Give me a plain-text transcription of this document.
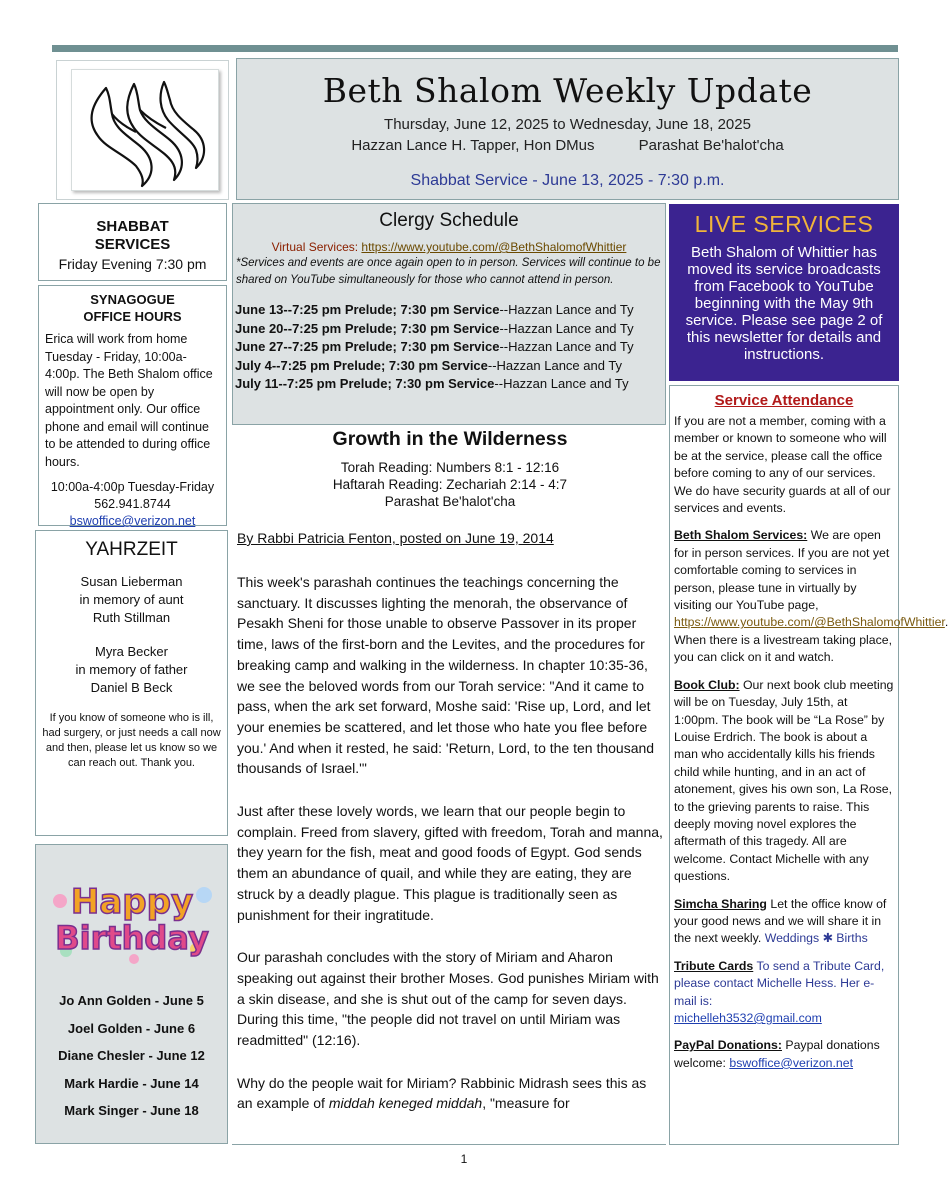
Beth Shalom Weekly Update
Thursday, June 12, 2025 to Wednesday, June 18, 2025
Hazzan Lance H. Tapper, Hon DMus	Parashat Be'halot'cha
Shabbat Service - June 13, 2025 - 7:30 p.m.
SHABBAT
SERVICES
Friday Evening 7:30 pm
SYNAGOGUE
OFFICE HOURS
Erica will work from home Tuesday - Friday, 10:00a-4:00p. The Beth Shalom office will now be open by appointment only. Our office phone and email will continue to be attended to during office hours.
10:00a-4:00p Tuesday-Friday
562.941.8744
bswoffice@verizon.net
YAHRZEIT
Susan Lieberman
in memory of aunt
Ruth Stillman
Myra Becker
in memory of father
Daniel B Beck
If you know of someone who is ill, had surgery, or just needs a call now and then, please let us know so we can reach out. Thank you.
Happy
Birthday
Jo Ann Golden - June 5
Joel Golden - June 6
Diane Chesler - June 12
Mark Hardie - June 14
Mark Singer - June 18
Clergy Schedule
Virtual Services: https://www.youtube.com/@BethShalomofWhittier
*Services and events are once again open to in person. Services will continue to be shared on YouTube simultaneously for those who cannot attend in person.
June 13--7:25 pm Prelude; 7:30 pm Service--Hazzan Lance and Ty
June 20--7:25 pm Prelude; 7:30 pm Service--Hazzan Lance and Ty
June 27--7:25 pm Prelude; 7:30 pm Service--Hazzan Lance and Ty
July 4--7:25 pm Prelude; 7:30 pm Service--Hazzan Lance and Ty
July 11--7:25 pm Prelude; 7:30 pm Service--Hazzan Lance and Ty
Growth in the Wilderness
Torah Reading: Numbers 8:1 - 12:16
Haftarah Reading: Zechariah 2:14 - 4:7
Parashat Be'halot'cha
By Rabbi Patricia Fenton, posted on June 19, 2014

This week's parashah continues the teachings concerning the sanctuary. It discusses lighting the menorah, the observance of Pesakh Sheni for those unable to observe Passover in its proper time, laws of the first-born and the Levites, and the procedures for breaking camp and walking in the wilderness. In chapter 10:35-36, we see the beloved words from our Torah service: "And it came to pass, when the ark set forward, Moshe said: 'Rise up, Lord, and let your enemies be scattered, and let those who hate you flee before you.' And when it rested, he said: 'Return, Lord, to the ten thousand thousands of Israel.'"

Just after these lovely words, we learn that our people begin to complain. Freed from slavery, gifted with freedom, Torah and manna, they yearn for the fish, meat and good foods of Egypt. God sends them an abundance of quail, and while they are eating, they are struck by a deadly plague. This plague is traditionally seen as punishment for their ingratitude.

Our parashah concludes with the story of Miriam and Aharon speaking out against their brother Moses. God punishes Miriam with a skin disease, and she is shut out of the camp for seven days. During this time, "the people did not travel on until Miriam was readmitted" (12:16).

Why do the people wait for Miriam? Rabbinic Midrash sees this as an example of middah keneged middah, "measure for

LIVE SERVICES
Beth Shalom of Whittier has moved its service broadcasts from Facebook to YouTube beginning with the May 9th service. Please see page 2 of this newsletter for details and instructions.
Service Attendance

If you are not a member, coming with a member or known to someone who will be at the service, please call the office before coming to any of our services. We do have security guards at all of our services and events.

Beth Shalom Services: We are open for in person services. If you are not yet comfortable coming to services in person, please tune in virtually by visiting our YouTube page, https://www.youtube.com/@BethShalomofWhittier. When there is a livestream taking place, you can click on it and watch.

Book Club: Our next book club meeting will be on Tuesday, July 15th, at 1:00pm. The book will be “La Rose” by Louise Erdrich. The book is about a man who accidentally kills his friends child while hunting, and in an act of atonement, gives his own son, La Rose, to the grieving parents to raise. This deeply moving novel explores the aftermath of this tragedy. All are welcome. Contact Michelle with any questions.

Simcha Sharing Let the office know of your good news and we will share it in the next weekly. Weddings ✱ Births

Tribute Cards To send a Tribute Card, please contact Michelle Hess. Her e-mail is:
michelleh3532@gmail.com

PayPal Donations: Paypal donations welcome: bswoffice@verizon.net

1
